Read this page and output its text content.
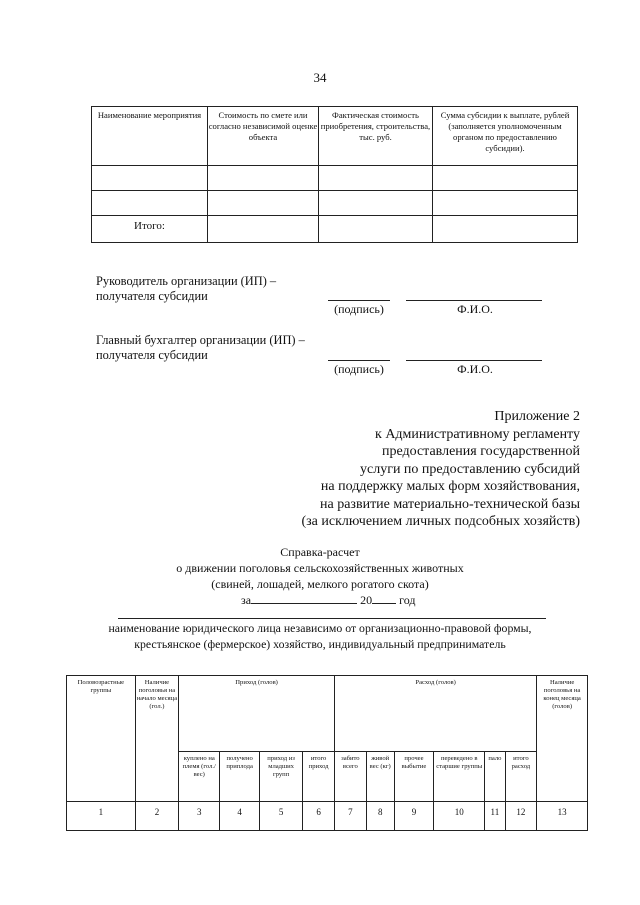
34
Наименование мероприятия	Стоимость по смете или согласно независимой оценке объекта	Фактическая стоимость приобретения, строительства, тыс. руб.	Сумма субсидии к выплате, рублей (заполняется уполномоченным органом по предоставлению субсидии).

Итого:			
Руководитель организации (ИП) –
получателя субсидии
(подпись)	Ф.И.О.
Главный бухгалтер организации (ИП) –
получателя субсидии
(подпись)	Ф.И.О.
Приложение 2
к Административному регламенту
предоставления государственной
услуги по предоставлению субсидий
на поддержку малых форм хозяйствования,
на развитие материально-технической базы
(за исключением личных подсобных хозяйств)
Справка-расчет
о движении поголовья сельскохозяйственных животных
(свиней, лошадей, мелкого рогатого скота)
за	20 год
наименование юридического лица независимо от организационно-правовой формы,
крестьянское (фермерское) хозяйство, индивидуальный предприниматель
Половозрастные группы	Наличие поголовья на начало месяца (гол.)	Приход (голов)				Расход (голов)						Наличие поголовья на конец месяца (голов)
		куплено на племя (гол./вес)	получено приплода	приход из младших групп	итого приход	забито всего	живой вес (кг)	прочее выбытие	переведено в старшие группы	пало	итого расход	
1	2	3	4	5	6	7	8	9	10	11	12	13
